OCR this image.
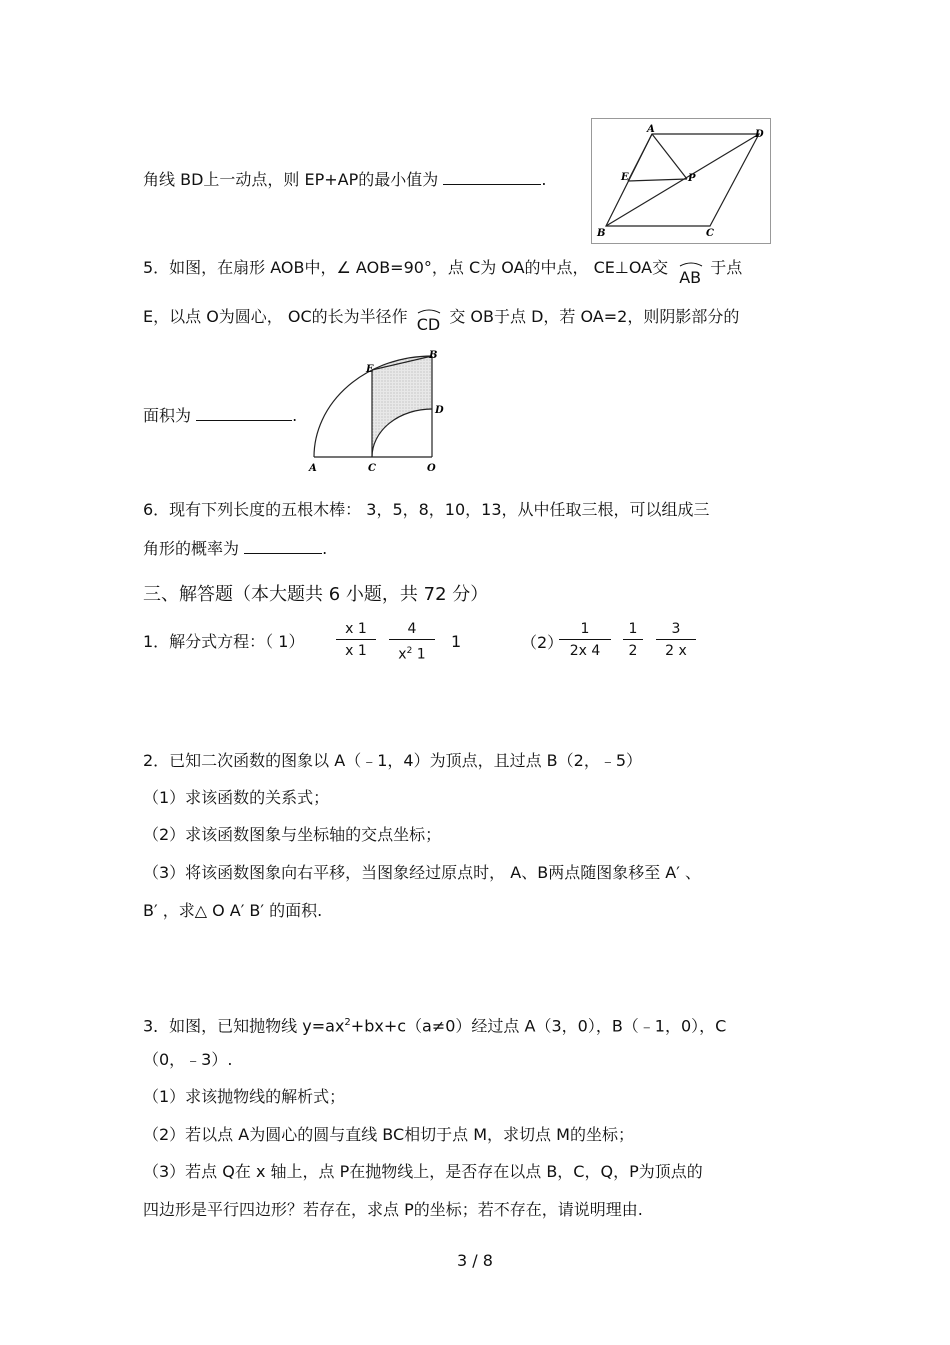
角线 BD上一动点，则 EP+AP的最小值为	.
A	D
E	P
B	C
5．如图，在扇形 AOB中，∠ AOB=90°，点 C为 OA的中点， CE⊥OA交
AB 于点
E，以点 O为圆心， OC的长为半径作 CD 交 OB于点 D，若 OA=2，则阴影部分的
面积为	.
A	C	O
E
B
D
6．现有下列长度的五根木棒： 3，5，8，10，13，从中任取三根，可以组成三
角形的概率为	.
三、解答题（本大题共 6 小题，共 72 分）
1．解分式方程：（ $1) \frac{x 1}{x 1} \frac{4}{x^2 1} 1$	（2）
$\frac{1}{2x 4} \frac{1}{2} \frac{3}{2 x}$
2．已知二次函数的图象以 A（﹣1，4）为顶点，且过点 B（2，﹣5）
（1）求该函数的关系式；
（2）求该函数图象与坐标轴的交点坐标；
（3）将该函数图象向右平移，当图象经过原点时， A、B两点随图象移至 A′ 、
B′ ，求△ O A′ B′ 的面积.
3．如图，已知抛物线 $y=ax^2+bx+c(a\ne 0)$经过点 A（3，0），B（﹣1，0），C
（0，﹣3）.
（1）求该抛物线的解析式；
（2）若以点 A为圆心的圆与直线 BC相切于点 M，求切点 M的坐标；
（3）若点 Q在 x 轴上，点 P在抛物线上，是否存在以点 B，C，Q，P为顶点的
四边形是平行四边形？若存在，求点 P的坐标；若不存在，请说明理由.
3 / 8
